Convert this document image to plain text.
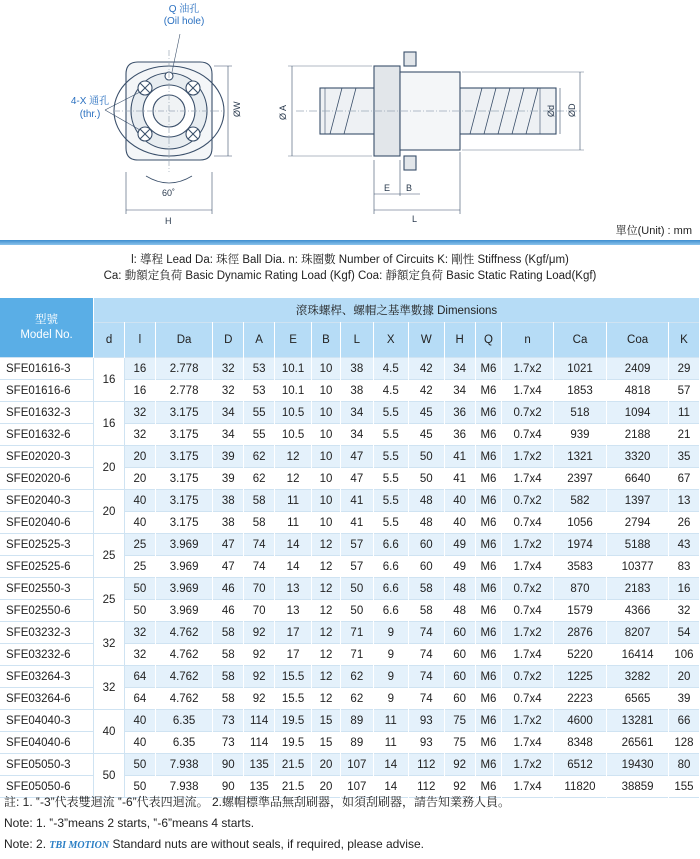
Q 油孔
(Oil hole)
4-X 通孔
(thr.)
60˚
H
ØW	Ø A	Ød ØD
E B
L
單位(Unit) : mm
l: 導程 Lead Da: 珠徑 Ball Dia. n: 珠圈數 Number of Circuits K: 剛性 Stiffness (Kgf/μm)
Ca: 動額定負荷 Basic Dynamic Rating Load (Kgf) Coa: 靜額定負荷 Basic Static Rating Load(Kgf)
型號
Model No.	滾珠螺桿、螺帽之基準數據 Dimensions															
	d	l	Da	D	A	E	B	L	X	W	H	Q	n	Ca	Coa	K
SFE01616-3	16	16	2.778	32	53	10.1	10	38	4.5	42	34	M6	1.7x2	1021	2409	29
SFE01616-6		16	2.778	32	53	10.1	10	38	4.5	42	34	M6	1.7x4	1853	4818	57
SFE01632-3	16	32	3.175	34	55	10.5	10	34	5.5	45	36	M6	0.7x2	518	1094	11
SFE01632-6		32	3.175	34	55	10.5	10	34	5.5	45	36	M6	0.7x4	939	2188	21
SFE02020-3	20	20	3.175	39	62	12	10	47	5.5	50	41	M6	1.7x2	1321	3320	35
SFE02020-6		20	3.175	39	62	12	10	47	5.5	50	41	M6	1.7x4	2397	6640	67
SFE02040-3	20	40	3.175	38	58	11	10	41	5.5	48	40	M6	0.7x2	582	1397	13
SFE02040-6		40	3.175	38	58	11	10	41	5.5	48	40	M6	0.7x4	1056	2794	26
SFE02525-3	25	25	3.969	47	74	14	12	57	6.6	60	49	M6	1.7x2	1974	5188	43
SFE02525-6		25	3.969	47	74	14	12	57	6.6	60	49	M6	1.7x4	3583	10377	83
SFE02550-3	25	50	3.969	46	70	13	12	50	6.6	58	48	M6	0.7x2	870	2183	16
SFE02550-6		50	3.969	46	70	13	12	50	6.6	58	48	M6	0.7x4	1579	4366	32
SFE03232-3	32	32	4.762	58	92	17	12	71	9	74	60	M6	1.7x2	2876	8207	54
SFE03232-6		32	4.762	58	92	17	12	71	9	74	60	M6	1.7x4	5220	16414	106
SFE03264-3	32	64	4.762	58	92	15.5	12	62	9	74	60	M6	0.7x2	1225	3282	20
SFE03264-6		64	4.762	58	92	15.5	12	62	9	74	60	M6	0.7x4	2223	6565	39
SFE04040-3	40	40	6.35	73	114	19.5	15	89	11	93	75	M6	1.7x2	4600	13281	66
SFE04040-6		40	6.35	73	114	19.5	15	89	11	93	75	M6	1.7x4	8348	26561	128
SFE05050-3	50	50	7.938	90	135	21.5	20	107	14	112	92	M6	1.7x2	6512	19430	80
SFE05050-6		50	7.938	90	135	21.5	20	107	14	112	92	M6	1.7x4	11820	38859	155
註: 1. ‟-3”代表雙迴流 ‟-6”代表四迴流。 2.螺帽標準品無刮刷器，如須刮刷器，請告知業務人員。
Note: 1. ‟-3”means 2 starts, ‟-6”means 4 starts.
Note: 2. TBI MOTION Standard nuts are without seals, if required, please advise.
